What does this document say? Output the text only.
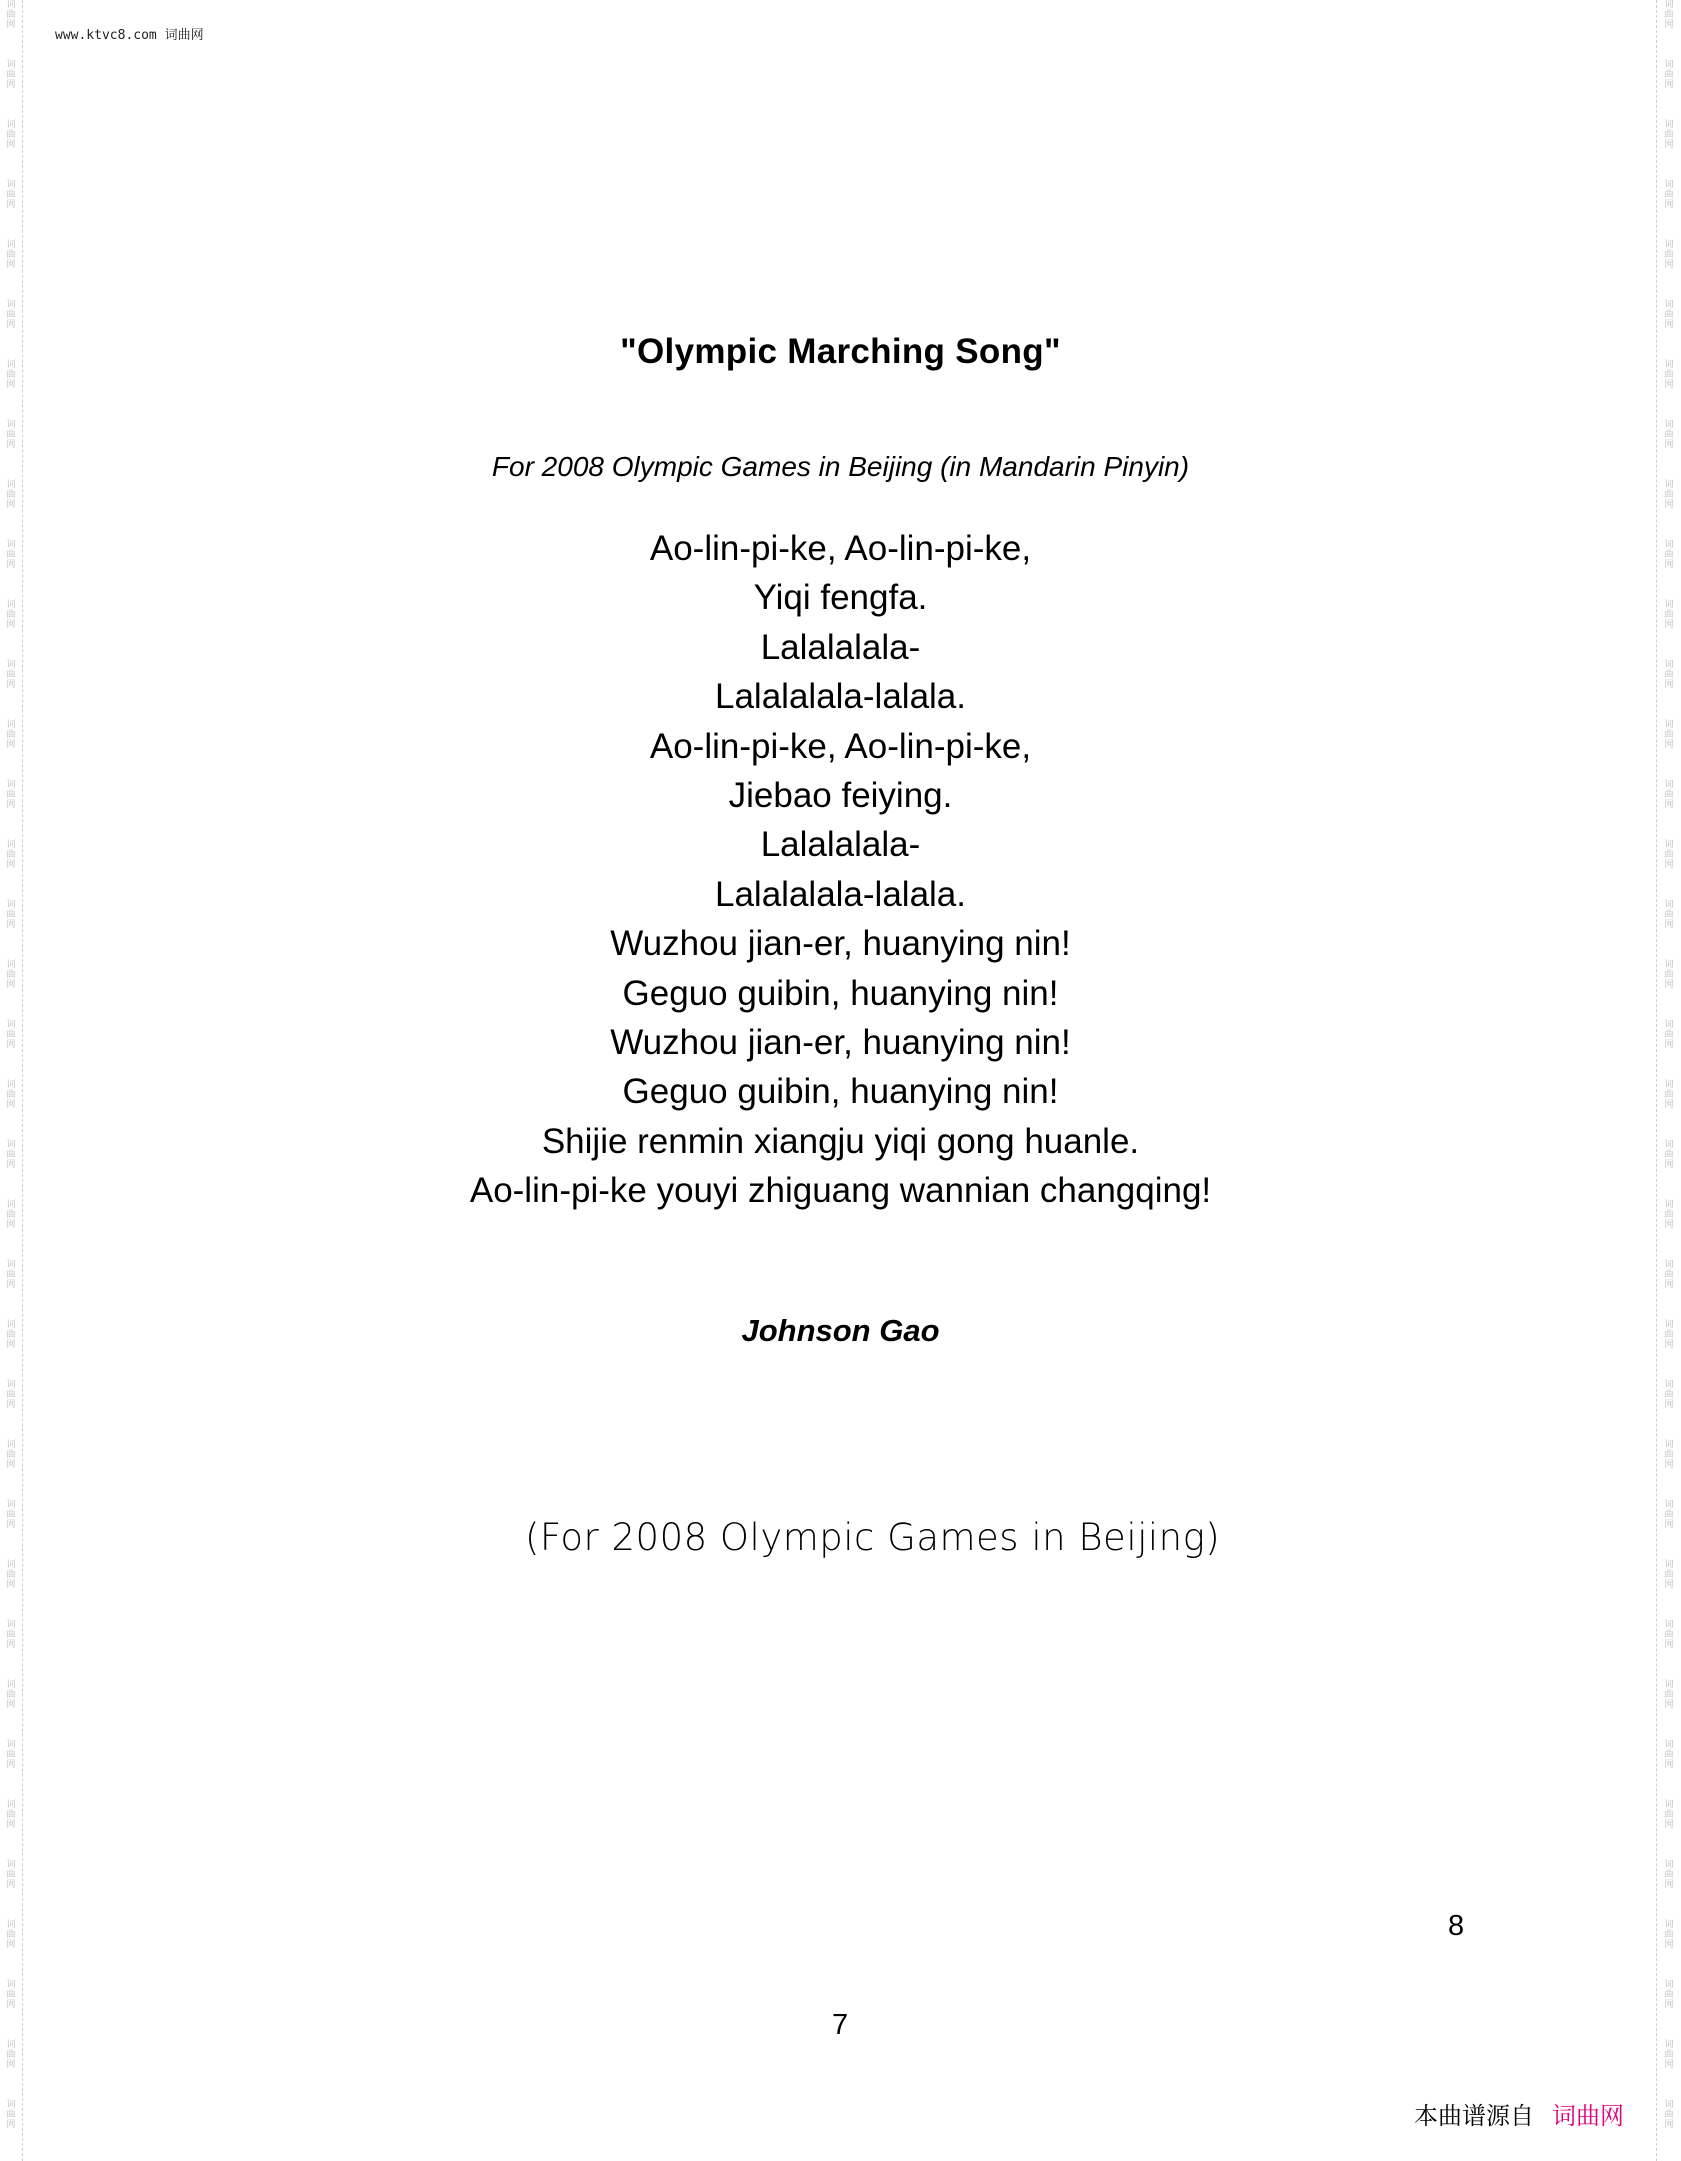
词曲网
词曲网
词曲网
词曲网
词曲网
词曲网
词曲网
词曲网
词曲网
词曲网
词曲网
词曲网
词曲网
词曲网
词曲网
词曲网
词曲网
词曲网
词曲网
词曲网
词曲网
词曲网
词曲网
词曲网
词曲网
词曲网
词曲网
词曲网
词曲网
词曲网
词曲网
词曲网
词曲网
词曲网
词曲网
词曲网
词曲网
词曲网
词曲网
词曲网
词曲网
词曲网
词曲网
词曲网
词曲网
词曲网
词曲网
词曲网
词曲网
词曲网
词曲网
词曲网
词曲网
词曲网
词曲网
词曲网
词曲网
词曲网
词曲网
词曲网
词曲网
词曲网
词曲网
词曲网
词曲网
词曲网
词曲网
词曲网
词曲网
词曲网
词曲网
词曲网
www.ktvc8.com 词曲网
"Olympic Marching Song"
For 2008 Olympic Games in Beijing (in Mandarin Pinyin)
Ao-lin-pi-ke, Ao-lin-pi-ke,
Yiqi fengfa.
Lalalalala-
Lalalalala-lalala.
Ao-lin-pi-ke, Ao-lin-pi-ke,
Jiebao feiying.
Lalalalala-
Lalalalala-lalala.
Wuzhou jian-er, huanying nin!
Geguo guibin, huanying nin!
Wuzhou jian-er, huanying nin!
Geguo guibin, huanying nin!
Shijie renmin xiangju yiqi gong huanle.
Ao-lin-pi-ke youyi zhiguang wannian changqing!
Johnson Gao
(For 2008 Olympic Games in Beijing)
8
7
本曲谱源自 词曲网
